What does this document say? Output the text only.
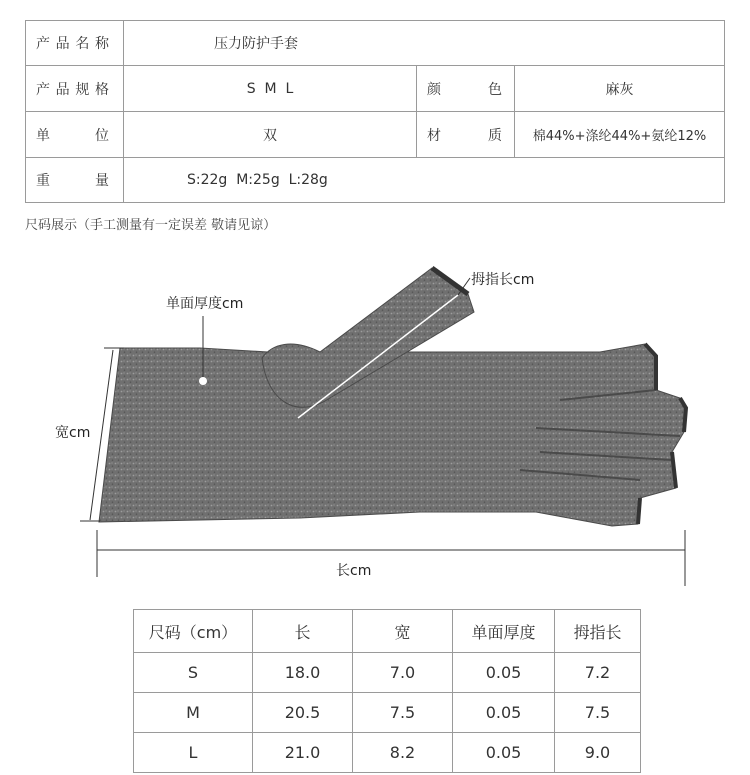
产 品 名 称	压力防护手套		

产 品 规 格	S  M  L	颜 色	麻灰

单 位	双	材 质	棉44%+涤纶44%+氨纶12%

重 量	S:22g  M:25g  L:28g		
尺码展示（手工测量有一定误差 敬请见谅）
单面厚度cm
拇指长cm
宽cm
长cm
尺码（cm）	长	宽	单面厚度	拇指长
S	18.0	7.0	0.05	7.2
M	20.5	7.5	0.05	7.5
L	21.0	8.2	0.05	9.0
